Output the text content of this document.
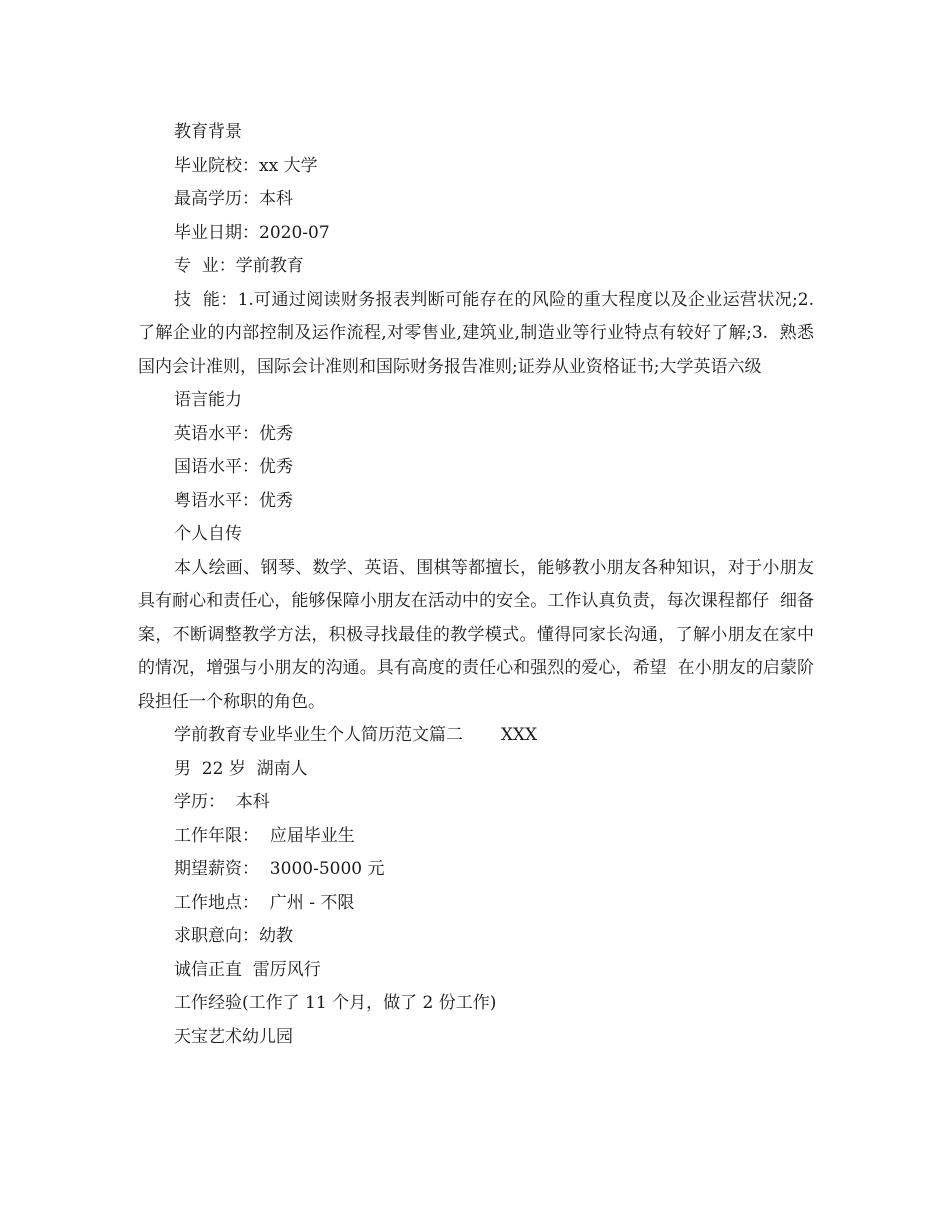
教育背景
毕业院校：xx 大学
最高学历：本科
毕业日期：2020-07
专  业：学前教育

技  能：1.可通过阅读财务报表判断可能存在的风险的重大程度以及企业运营状况;2.了解企业的内部控制及运作流程,对零售业,建筑业,制造业等行业特点有较好了解;3.  熟悉国内会计准则，国际会计准则和国际财务报告准则;证券从业资格证书;大学英语六级

语言能力
英语水平：优秀
国语水平：优秀
粤语水平：优秀
个人自传

本人绘画、钢琴、数学、英语、围棋等都擅长，能够教小朋友各种知识，对于小朋友具有耐心和责任心，能够保障小朋友在活动中的安全。工作认真负责，每次课程都仔  细备案，不断调整教学方法，积极寻找最佳的教学模式。懂得同家长沟通，了解小朋友在家中的情况，增强与小朋友的沟通。具有高度的责任心和强烈的爱心，希望  在小朋友的启蒙阶段担任一个称职的角色。

学前教育专业毕业生个人简历范文篇二       XXX
男  22 岁  湖南人
学历：  本科
工作年限：  应届毕业生
期望薪资：  3000-5000 元
工作地点：  广州 - 不限
求职意向：幼教
诚信正直  雷厉风行
工作经验(工作了 11 个月，做了 2 份工作)
天宝艺术幼儿园
